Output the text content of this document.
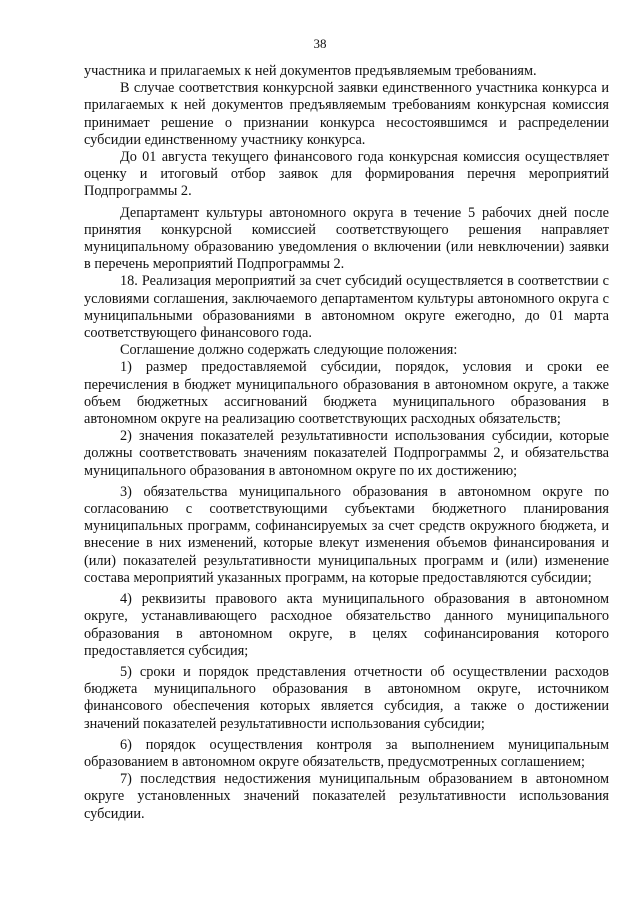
38

участника и прилагаемых к ней документов предъявляемым требованиям.

В случае соответствия конкурсной заявки единственного участника конкурса и прилагаемых к ней документов предъявляемым требованиям конкурсная комиссия принимает решение о признании конкурса несостоявшимся и распределении субсидии единственному участнику конкурса.

До 01 августа текущего финансового года конкурсная комиссия осуществляет оценку и итоговый отбор заявок для формирования перечня мероприятий Подпрограммы 2.

Департамент культуры автономного округа в течение 5 рабочих дней после принятия конкурсной комиссией соответствующего решения направляет муниципальному образованию уведомления о включении (или невключении) заявки в перечень мероприятий Подпрограммы 2.

18. Реализация мероприятий за счет субсидий осуществляется в соответствии с условиями соглашения, заключаемого департаментом культуры автономного округа с муниципальными образованиями в автономном округе ежегодно, до 01 марта соответствующего финансового года.

Соглашение должно содержать следующие положения:

1) размер предоставляемой субсидии, порядок, условия и сроки ее перечисления в бюджет муниципального образования в автономном округе, а также объем бюджетных ассигнований бюджета муниципального образования в автономном округе на реализацию соответствующих расходных обязательств;

2) значения показателей результативности использования субсидии, которые должны соответствовать значениям показателей Подпрограммы 2, и обязательства муниципального образования в автономном округе по их достижению;

3) обязательства муниципального образования в автономном округе по согласованию с соответствующими субъектами бюджетного планирования муниципальных программ, софинансируемых за счет средств окружного бюджета, и внесение в них изменений, которые влекут изменения объемов финансирования и (или) показателей результативности муниципальных программ и (или) изменение состава мероприятий указанных программ, на которые предоставляются субсидии;

4) реквизиты правового акта муниципального образования в автономном округе, устанавливающего расходное обязательство данного муниципального образования в автономном округе, в целях софинансирования которого предоставляется субсидия;

5) сроки и порядок представления отчетности об осуществлении расходов бюджета муниципального образования в автономном округе, источником финансового обеспечения которых является субсидия, а также о достижении значений показателей результативности использования субсидии;

6) порядок осуществления контроля за выполнением муниципальным образованием в автономном округе обязательств, предусмотренных соглашением;

7) последствия недостижения муниципальным образованием в автономном округе установленных значений показателей результативности использования субсидии.
